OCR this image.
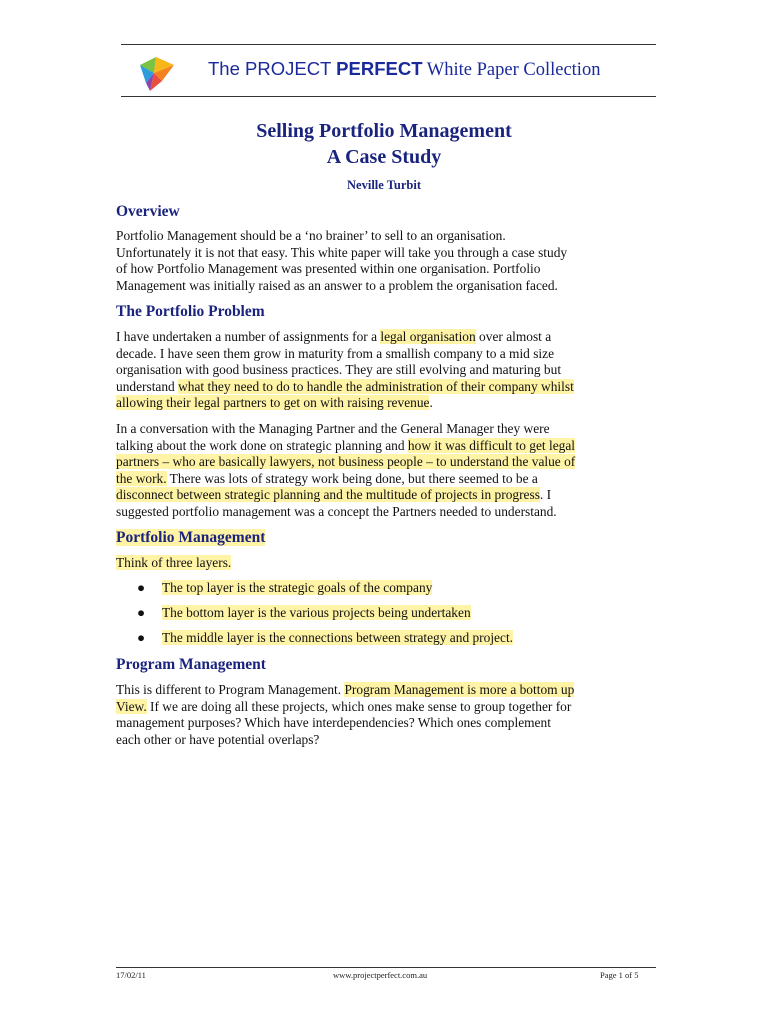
The PROJECT PERFECT White Paper Collection
Selling Portfolio Management
A Case Study
Neville Turbit
Overview
Portfolio Management should be a ‘no brainer’ to sell to an organisation.
Unfortunately it is not that easy. This white paper will take you through a case study
of how Portfolio Management was presented within one organisation. Portfolio
Management was initially raised as an answer to a problem the organisation faced.
The Portfolio Problem
I have undertaken a number of assignments for a legal organisation over almost a
decade. I have seen them grow in maturity from a smallish company to a mid size
organisation with good business practices. They are still evolving and maturing but
understand what they need to do to handle the administration of their company whilst
allowing their legal partners to get on with raising revenue.
In a conversation with the Managing Partner and the General Manager they were
talking about the work done on strategic planning and how it was difficult to get legal
partners – who are basically lawyers, not business people – to understand the value of
the work. There was lots of strategy work being done, but there seemed to be a
disconnect between strategic planning and the multitude of projects in progress. I
suggested portfolio management was a concept the Partners needed to understand.
Portfolio Management
Think of three layers.
● The top layer is the strategic goals of the company
● The bottom layer is the various projects being undertaken
● The middle layer is the connections between strategy and project.
Program Management
This is different to Program Management. Program Management is more a bottom up
View. If we are doing all these projects, which ones make sense to group together for
management purposes? Which have interdependencies? Which ones complement
each other or have potential overlaps?
17/02/11	www.projectperfect.com.au	Page 1 of 5
